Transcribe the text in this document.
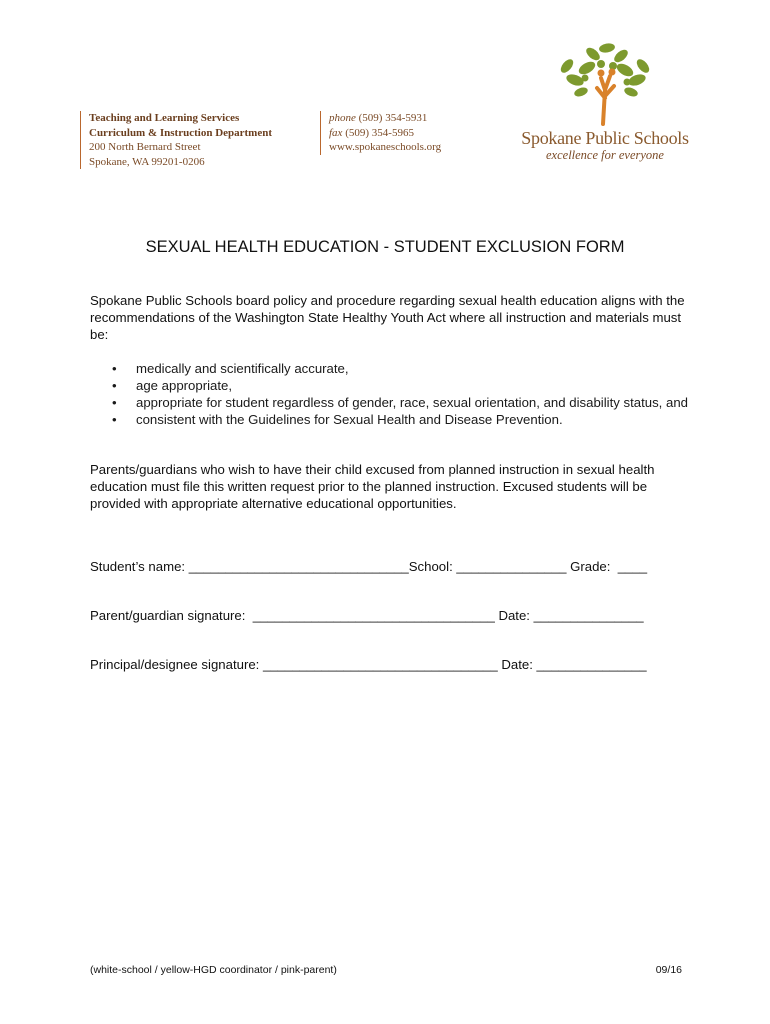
Teaching and Learning Services
Curriculum & Instruction Department
200 North Bernard Street
Spokane, WA 99201-0206
phone (509) 354-5931
fax (509) 354-5965
www.spokaneschools.org	Spokane Public Schools
excellence for everyone
SEXUAL HEALTH EDUCATION - STUDENT EXCLUSION FORM
Spokane Public Schools board policy and procedure regarding sexual health education aligns with the recommendations of the Washington State Healthy Youth Act where all instruction and materials must be:
• medically and scientifically accurate,
• age appropriate,
• appropriate for student regardless of gender, race, sexual orientation, and disability status, and
• consistent with the Guidelines for Sexual Health and Disease Prevention.
Parents/guardians who wish to have their child excused from planned instruction in sexual health education must file this written request prior to the planned instruction. Excused students will be provided with appropriate alternative educational opportunities.
Student’s name: ______________________________School: _______________ Grade:  ____
Parent/guardian signature:  _________________________________ Date: _______________
Principal/designee signature: ________________________________ Date: _______________
(white-school / yellow-HGD coordinator / pink-parent)	09/16
